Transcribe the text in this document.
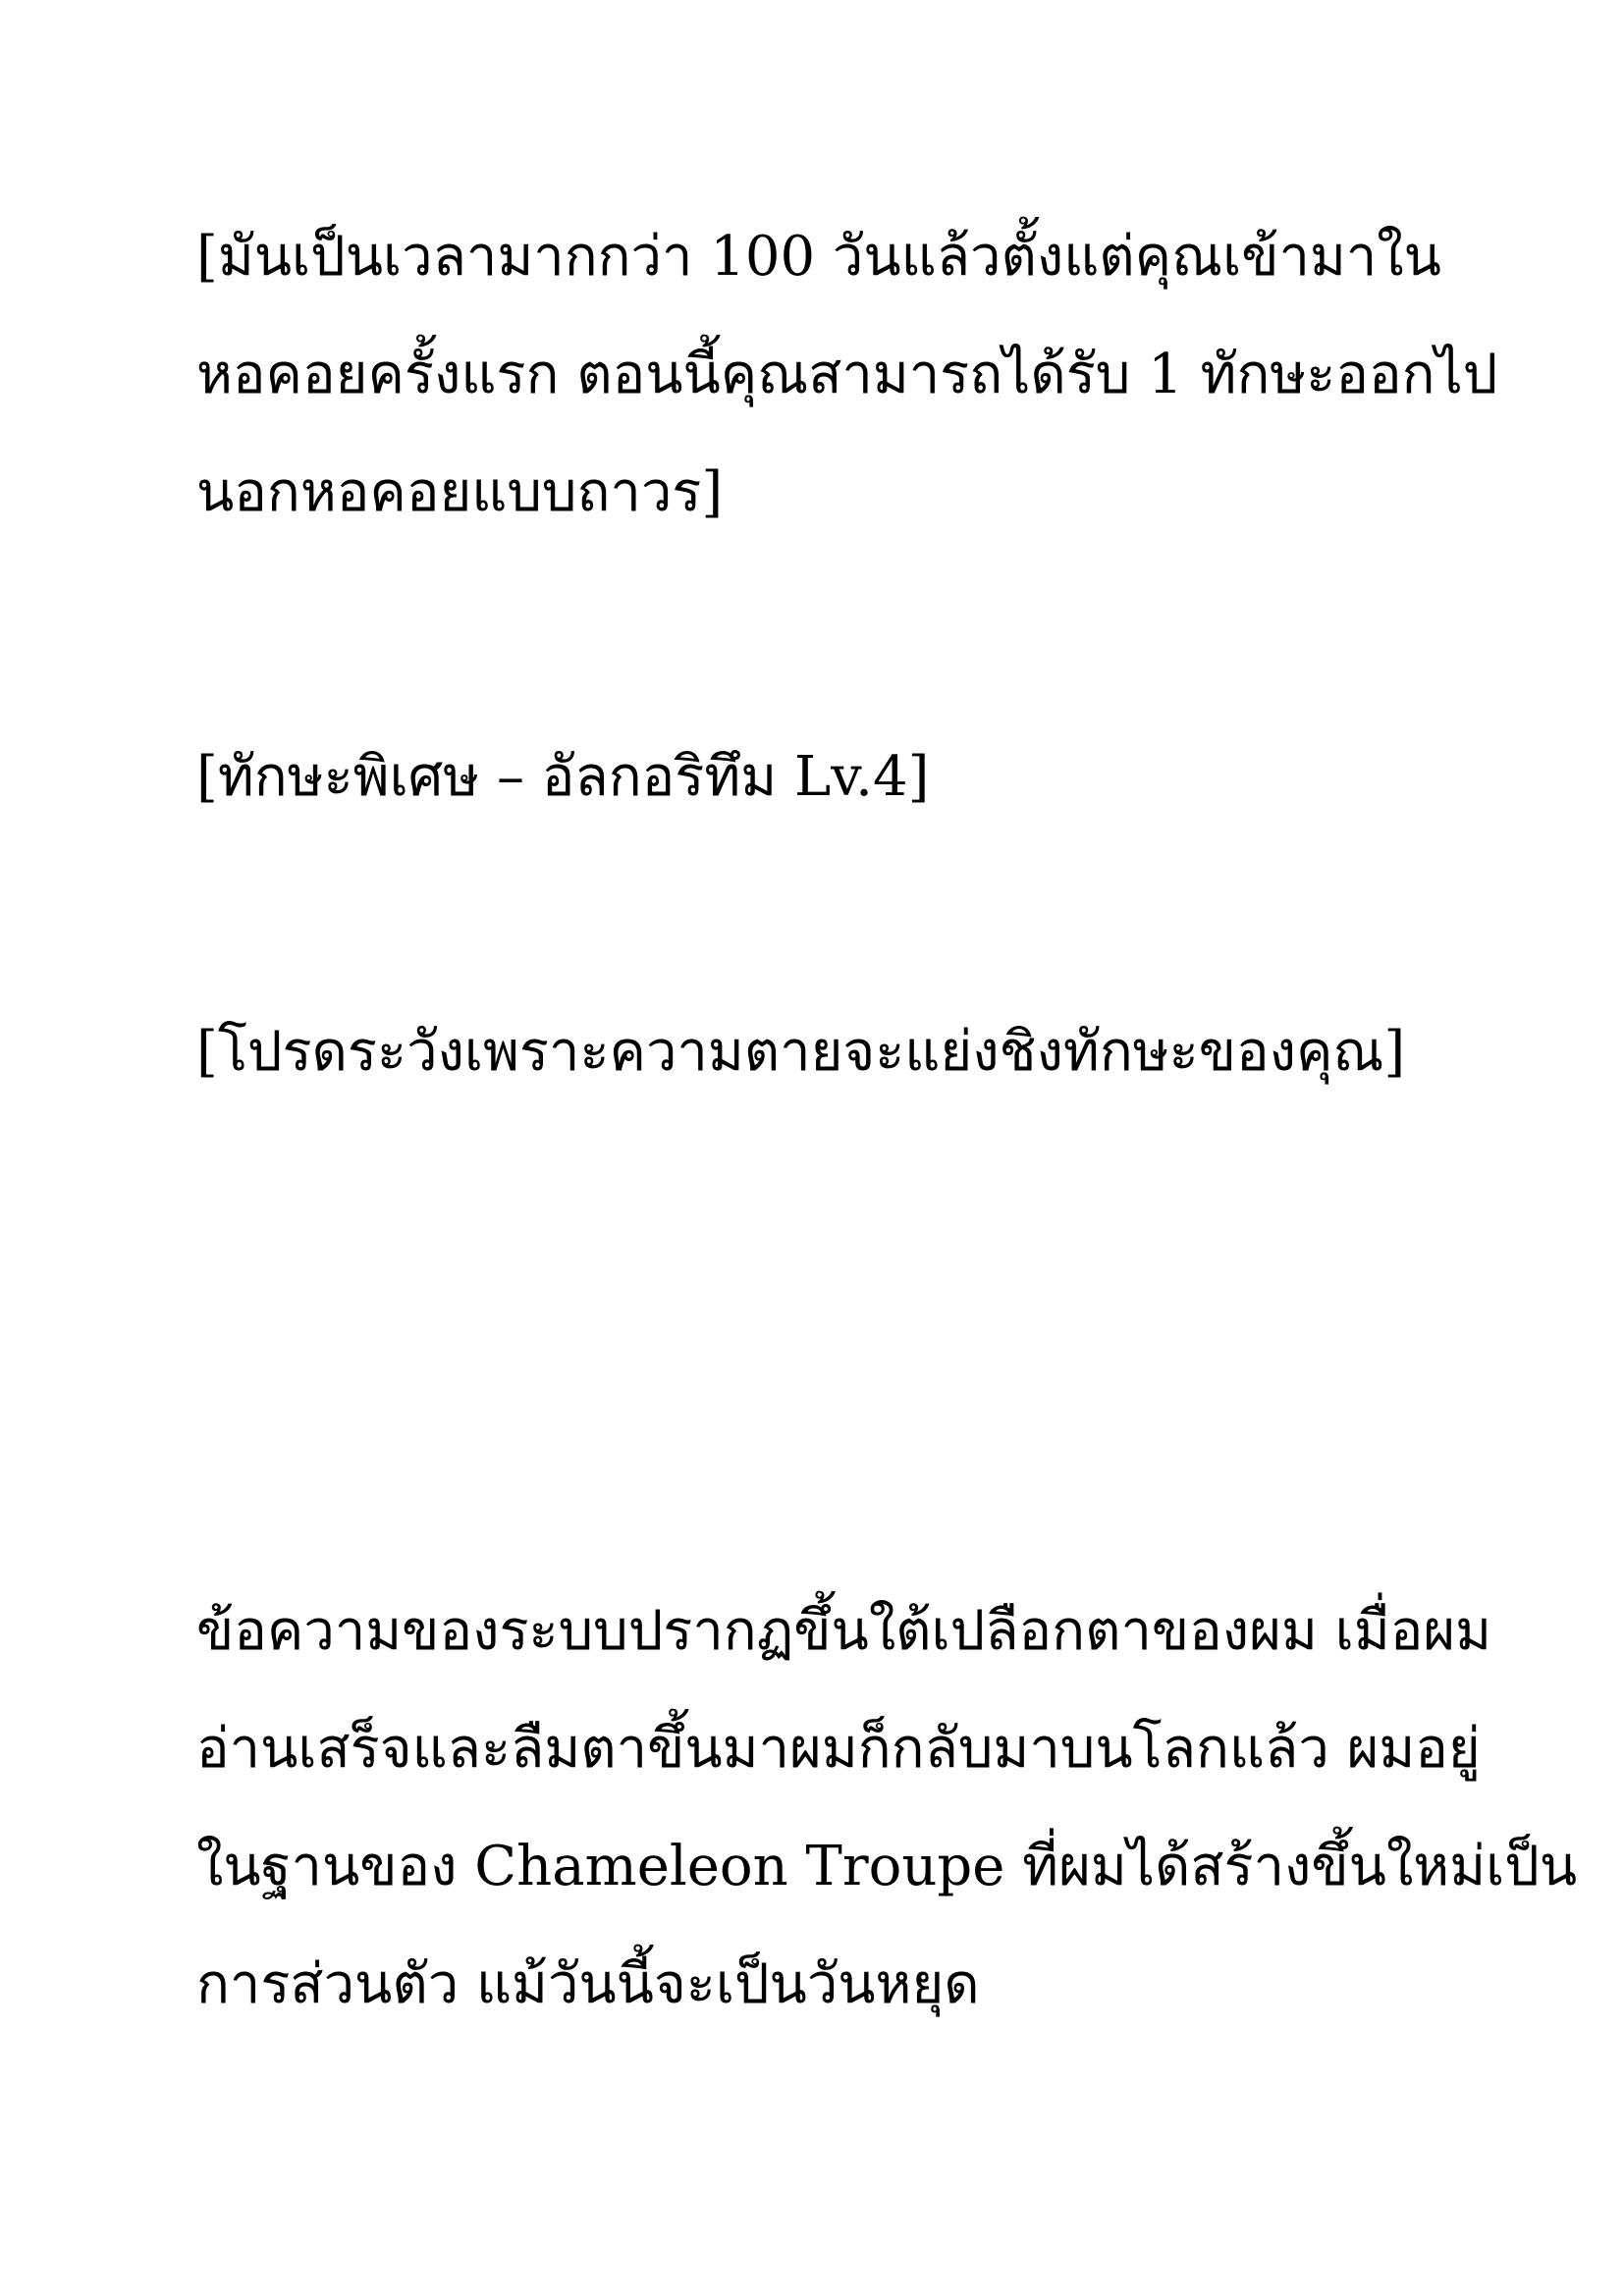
[มันเป็นเวลามากกว่า 100 วันแล้วตั้งแต่คุณเข้ามาใน

หอคอยครั้งแรก ตอนนี้คุณสามารถได้รับ 1 ทักษะออกไป

นอกหอคอยแบบถาวร]

[ทักษะพิเศษ – อัลกอริทึม Lv.4]

[โปรดระวังเพราะความตายจะแย่งชิงทักษะของคุณ]

ข้อความของระบบปรากฏขึ้นใต้เปลือกตาของผม เมื่อผม

อ่านเสร็จและลืมตาขึ้นมาผมก็กลับมาบนโลกแล้ว ผมอยู่

ในฐานของ Chameleon Troupe ที่ผมได้สร้างขึ้นใหม่เป็น

การส่วนตัว แม้วันนี้จะเป็นวันหยุด
